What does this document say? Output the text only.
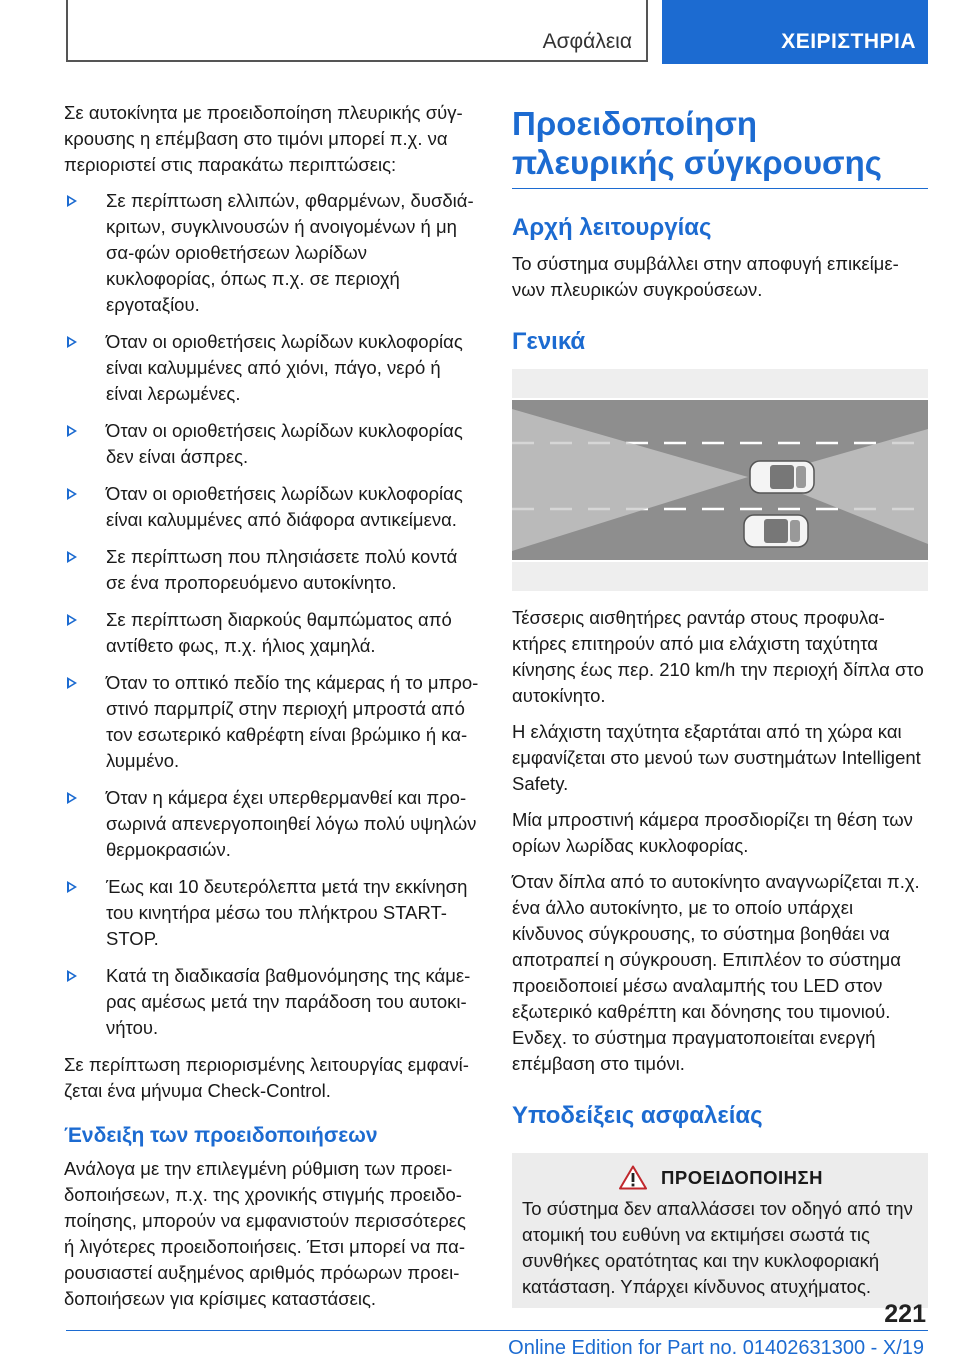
Ασφάλεια	ΧΕΙΡΙΣΤΗΡΙΑ

Σε αυτοκίνητα με προειδοποίηση πλευρικής σύγ-κρουσης η επέμβαση στο τιμόνι μπορεί π.χ. να περιοριστεί στις παρακάτω περιπτώσεις:

Σε περίπτωση ελλιπών, φθαρμένων, δυσδιά-κριτων, συγκλινουσών ή ανοιγομένων ή μη σα-φών οριοθετήσεων λωρίδων κυκλοφορίας, όπως π.χ. σε περιοχή εργοταξίου.
Όταν οι οριοθετήσεις λωρίδων κυκλοφορίας είναι καλυμμένες από χιόνι, πάγο, νερό ή είναι λερωμένες.
Όταν οι οριοθετήσεις λωρίδων κυκλοφορίας δεν είναι άσπρες.
Όταν οι οριοθετήσεις λωρίδων κυκλοφορίας είναι καλυμμένες από διάφορα αντικείμενα.
Σε περίπτωση που πλησιάσετε πολύ κοντά σε ένα προπορευόμενο αυτοκίνητο.
Σε περίπτωση διαρκούς θαμπώματος από αντίθετο φως, π.χ. ήλιος χαμηλά.
Όταν το οπτικό πεδίο της κάμερας ή το μπρο-στινό παρμπρίζ στην περιοχή μπροστά από τον εσωτερικό καθρέφτη είναι βρώμικο ή κα-λυμμένο.
Όταν η κάμερα έχει υπερθερμανθεί και προ-σωρινά απενεργοποιηθεί λόγω πολύ υψηλών θερμοκρασιών.
Έως και 10 δευτερόλεπτα μετά την εκκίνηση του κινητήρα μέσω του πλήκτρου START-STOP.
Κατά τη διαδικασία βαθμονόμησης της κάμε-ρας αμέσως μετά την παράδοση του αυτοκι-νήτου.

Σε περίπτωση περιορισμένης λειτουργίας εμφανί-ζεται ένα μήνυμα Check-Control.

Ένδειξη των προειδοποιήσεων

Ανάλογα με την επιλεγμένη ρύθμιση των προει-δοποιήσεων, π.χ. της χρονικής στιγμής προειδο-ποίησης, μπορούν να εμφανιστούν περισσότερες ή λιγότερες προειδοποιήσεις. Έτσι μπορεί να πα-ρουσιαστεί αυξημένος αριθμός πρόωρων προει-δοποιήσεων για κρίσιμες καταστάσεις.

Προειδοποίηση πλευρικής σύγκρουσης
Αρχή λειτουργίας

Το σύστημα συμβάλλει στην αποφυγή επικείμε-νων πλευρικών συγκρούσεων.

Γενικά

Τέσσερις αισθητήρες ραντάρ στους προφυλα-κτήρες επιτηρούν από μια ελάχιστη ταχύτητα κίνησης έως περ. 210 km/h την περιοχή δίπλα στο αυτοκίνητο.

Η ελάχιστη ταχύτητα εξαρτάται από τη χώρα και εμφανίζεται στο μενού των συστημάτων Intelligent Safety.

Μία μπροστινή κάμερα προσδιορίζει τη θέση των ορίων λωρίδας κυκλοφορίας.

Όταν δίπλα από το αυτοκίνητο αναγνωρίζεται π.χ. ένα άλλο αυτοκίνητο, με το οποίο υπάρχει κίνδυνος σύγκρουσης, το σύστημα βοηθάει να αποτραπεί η σύγκρουση. Επιπλέον το σύστημα προειδοποιεί μέσω αναλαμπής του LED στον εξωτερικό καθρέπτη και δόνησης του τιμονιού. Ενδεχ. το σύστημα πραγματοποιείται ενεργή επέμβαση στο τιμόνι.

Υποδείξεις ασφαλείας
ΠΡΟΕΙΔΟΠΟΙΗΣΗ

Το σύστημα δεν απαλλάσσει τον οδηγό από την ατομική του ευθύνη να εκτιμήσει σωστά τις συνθήκες ορατότητας και την κυκλοφοριακή κατάσταση. Υπάρχει κίνδυνος ατυχήματος.

221
Online Edition for Part no. 01402631300 - X/19
